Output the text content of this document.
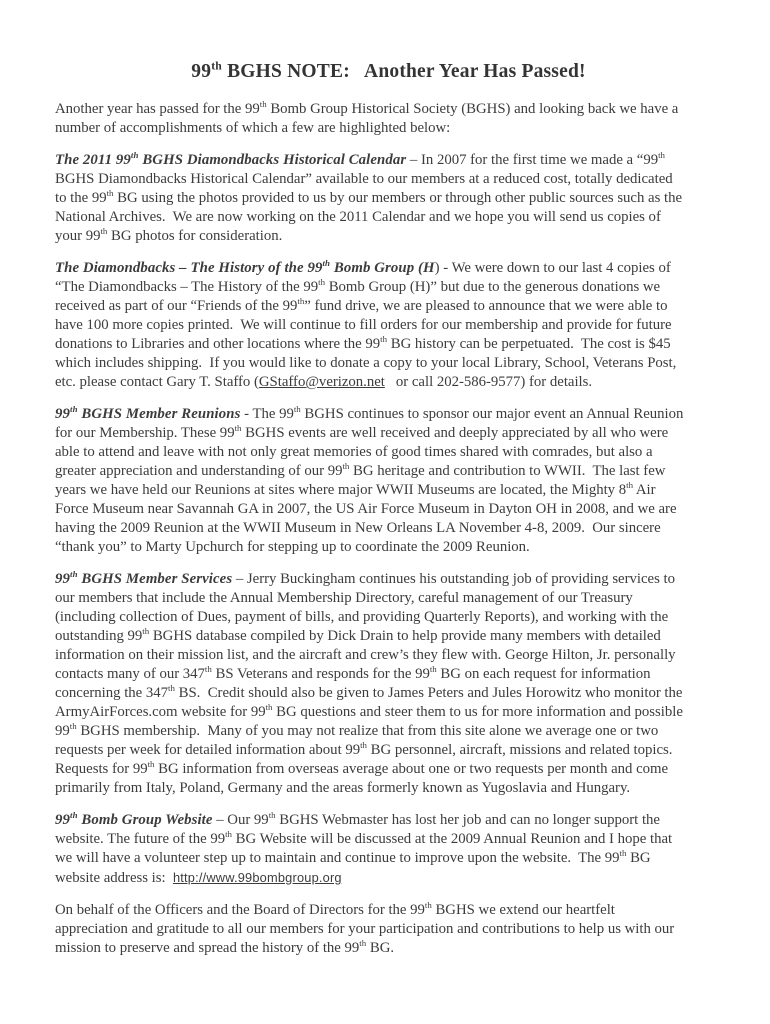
99th BGHS NOTE:   Another Year Has Passed!
Another year has passed for the 99th Bomb Group Historical Society (BGHS) and looking back we have a
number of accomplishments of which a few are highlighted below:
The 2011 99th BGHS Diamondbacks Historical Calendar – In 2007 for the first time we made a “99th
BGHS Diamondbacks Historical Calendar” available to our members at a reduced cost, totally dedicated
to the 99th BG using the photos provided to us by our members or through other public sources such as the
National Archives.  We are now working on the 2011 Calendar and we hope you will send us copies of
your 99th BG photos for consideration.
The Diamondbacks – The History of the 99th Bomb Group (H) - We were down to our last 4 copies of
“The Diamondbacks – The History of the 99th Bomb Group (H)” but due to the generous donations we
received as part of our “Friends of the 99th” fund drive, we are pleased to announce that we were able to
have 100 more copies printed.  We will continue to fill orders for our membership and provide for future
donations to Libraries and other locations where the 99th BG history can be perpetuated.  The cost is $45
which includes shipping.  If you would like to donate a copy to your local Library, School, Veterans Post,
etc. please contact Gary T. Staffo (GStaffo@verizon.net   or call 202-586-9577) for details.
99th BGHS Member Reunions - The 99th BGHS continues to sponsor our major event an Annual Reunion
for our Membership. These 99th BGHS events are well received and deeply appreciated by all who were
able to attend and leave with not only great memories of good times shared with comrades, but also a
greater appreciation and understanding of our 99th BG heritage and contribution to WWII.  The last few
years we have held our Reunions at sites where major WWII Museums are located, the Mighty 8th Air
Force Museum near Savannah GA in 2007, the US Air Force Museum in Dayton OH in 2008, and we are
having the 2009 Reunion at the WWII Museum in New Orleans LA November 4-8, 2009.  Our sincere
“thank you” to Marty Upchurch for stepping up to coordinate the 2009 Reunion.
99th BGHS Member Services – Jerry Buckingham continues his outstanding job of providing services to
our members that include the Annual Membership Directory, careful management of our Treasury
(including collection of Dues, payment of bills, and providing Quarterly Reports), and working with the
outstanding 99th BGHS database compiled by Dick Drain to help provide many members with detailed
information on their mission list, and the aircraft and crew’s they flew with. George Hilton, Jr. personally
contacts many of our 347th BS Veterans and responds for the 99th BG on each request for information
concerning the 347th BS.  Credit should also be given to James Peters and Jules Horowitz who monitor the
ArmyAirForces.com website for 99th BG questions and steer them to us for more information and possible
99th BGHS membership.  Many of you may not realize that from this site alone we average one or two
requests per week for detailed information about 99th BG personnel, aircraft, missions and related topics.
Requests for 99th BG information from overseas average about one or two requests per month and come
primarily from Italy, Poland, Germany and the areas formerly known as Yugoslavia and Hungary.
99th Bomb Group Website – Our 99th BGHS Webmaster has lost her job and can no longer support the
website. The future of the 99th BG Website will be discussed at the 2009 Annual Reunion and I hope that
we will have a volunteer step up to maintain and continue to improve upon the website.  The 99th BG
website address is:  http://www.99bombgroup.org
On behalf of the Officers and the Board of Directors for the 99th BGHS we extend our heartfelt
appreciation and gratitude to all our members for your participation and contributions to help us with our
mission to preserve and spread the history of the 99th BG.
